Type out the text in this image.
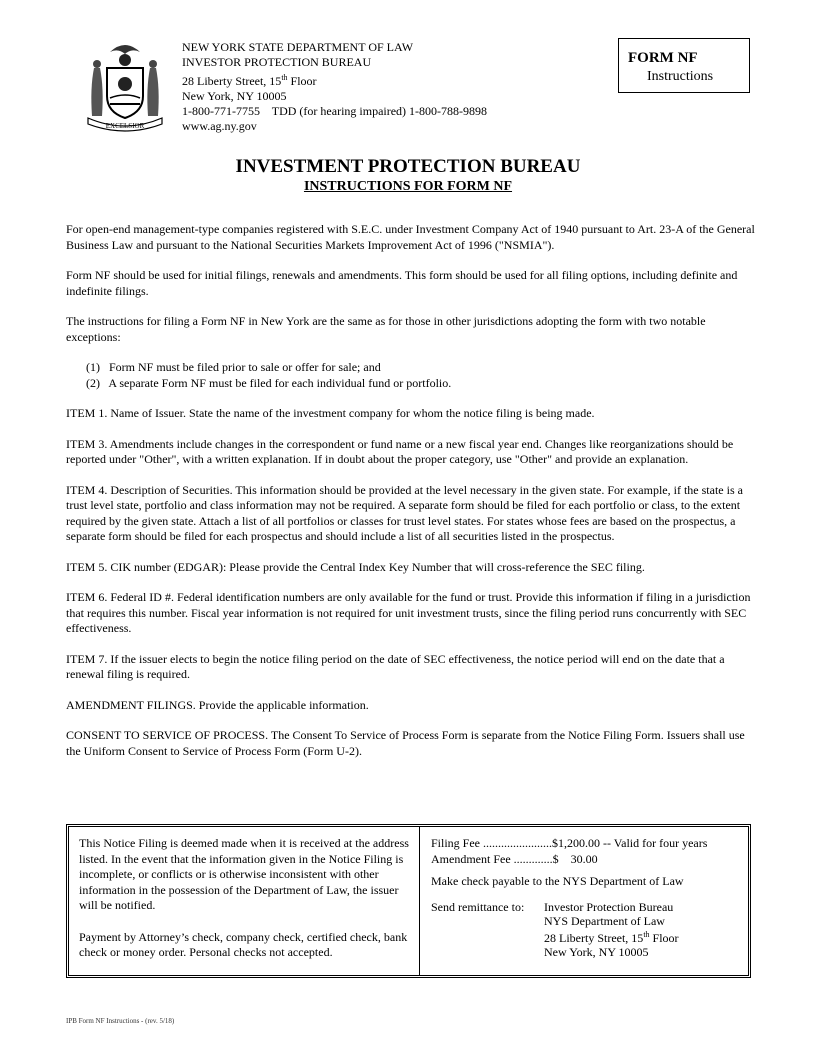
EXCELSIOR
NEW YORK STATE DEPARTMENT OF LAW
INVESTOR PROTECTION BUREAU
28 Liberty Street, 15th Floor
New York, NY 10005
1-800-771-7755    TDD (for hearing impaired) 1-800-788-9898
www.ag.ny.gov
FORM NF
Instructions
INVESTMENT PROTECTION BUREAU
INSTRUCTIONS FOR FORM NF

For open-end management-type companies registered with S.E.C. under Investment Company Act of 1940 pursuant to Art. 23-A of the General Business Law and pursuant to the National Securities Markets Improvement Act of 1996 ("NSMIA").

Form NF should be used for initial filings, renewals and amendments. This form should be used for all filing options, including definite and indefinite filings.

The instructions for filing a Form NF in New York are the same as for those in other jurisdictions adopting the form with two notable exceptions:

(1)   Form NF must be filed prior to sale or offer for sale; and
(2)   A separate Form NF must be filed for each individual fund or portfolio.

ITEM 1. Name of Issuer. State the name of the investment company for whom the notice filing is being made.

ITEM 3. Amendments include changes in the correspondent or fund name or a new fiscal year end. Changes like reorganizations should be reported under "Other", with a written explanation. If in doubt about the proper category, use "Other" and provide an explanation.

ITEM 4. Description of Securities. This information should be provided at the level necessary in the given state. For example, if the state is a trust level state, portfolio and class information may not be required. A separate form should be filed for each portfolio or class, to the extent required by the given state. Attach a list of all portfolios or classes for trust level states. For states whose fees are based on the prospectus, a separate form should be filed for each prospectus and should include a list of all securities listed in the prospectus.

ITEM 5. CIK number (EDGAR): Please provide the Central Index Key Number that will cross-reference the SEC filing.

ITEM 6. Federal ID #. Federal identification numbers are only available for the fund or trust. Provide this information if filing in a jurisdiction that requires this number. Fiscal year information is not required for unit investment trusts, since the filing period runs concurrently with SEC effectiveness.

ITEM 7. If the issuer elects to begin the notice filing period on the date of SEC effectiveness, the notice period will end on the date that a renewal filing is required.

AMENDMENT FILINGS. Provide the applicable information.

CONSENT TO SERVICE OF PROCESS. The Consent To Service of Process Form is separate from the Notice Filing Form. Issuers shall use the Uniform Consent to Service of Process Form (Form U-2).

This Notice Filing is deemed made when it is received at the address listed. In the event that the information given in the Notice Filing is incomplete, or conflicts or is otherwise inconsistent with other information in the possession of the Department of Law, the issuer will be notified.

Payment by Attorney’s check, company check, certified check, bank check or money order. Personal checks not accepted.

Filing Fee .......................$1,200.00 -- Valid for four years
Amendment Fee .............$    30.00
Make check payable to the NYS Department of Law
Send remittance to: Investor Protection Bureau
NYS Department of Law
28 Liberty Street, 15th Floor
New York, NY 10005
IPB Form NF Instructions - (rev. 5/18)
